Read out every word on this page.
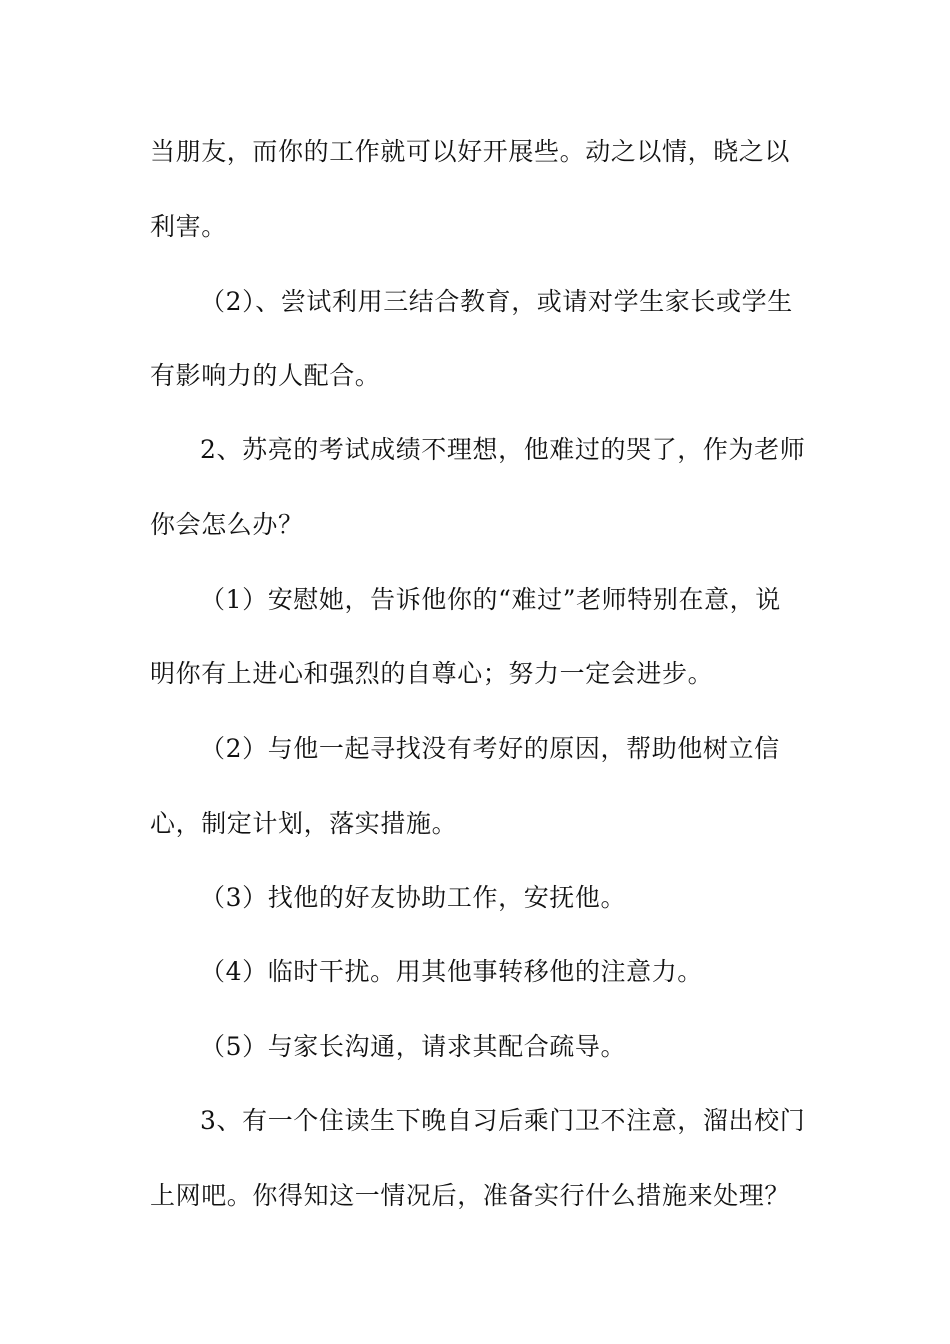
当朋友，而你的工作就可以好开展些。动之以情，晓之以
利害。
（2）、尝试利用三结合教育，或请对学生家长或学生
有影响力的人配合。
2、苏亮的考试成绩不理想，他难过的哭了，作为老师
你会怎么办？
（1）安慰她，告诉他你的“难过”老师特别在意，说
明你有上进心和强烈的自尊心；努力一定会进步。
（2）与他一起寻找没有考好的原因，帮助他树立信
心，制定计划，落实措施。
（3）找他的好友协助工作，安抚他。
（4）临时干扰。用其他事转移他的注意力。
（5）与家长沟通，请求其配合疏导。
3、有一个住读生下晚自习后乘门卫不注意，溜出校门
上网吧。你得知这一情况后，准备实行什么措施来处理？
